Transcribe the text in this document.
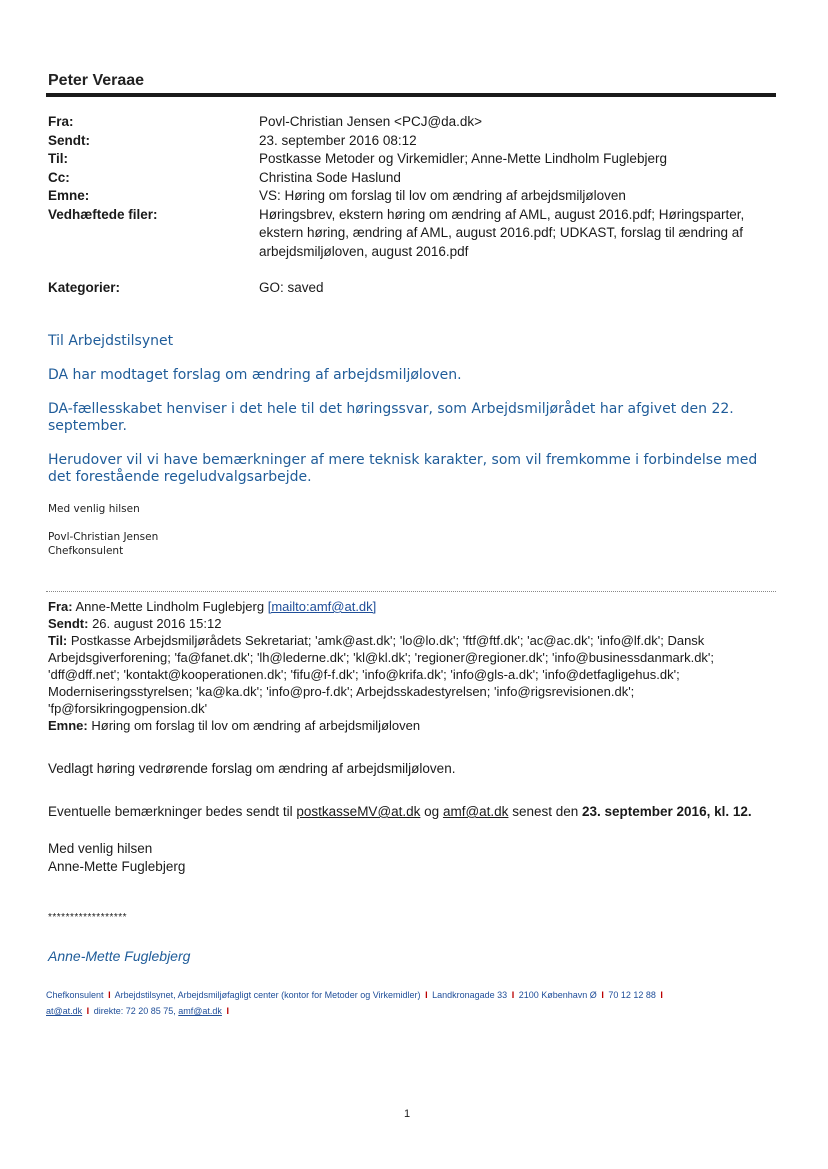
Peter Veraae
Fra:	Povl-Christian Jensen <PCJ@da.dk>
Sendt:	23. september 2016 08:12
Til:	Postkasse Metoder og Virkemidler; Anne-Mette Lindholm Fuglebjerg
Cc:	Christina Sode Haslund
Emne:	VS: Høring om forslag til lov om ændring af arbejdsmiljøloven
Vedhæftede filer:	Høringsbrev, ekstern høring om ændring af AML, august 2016.pdf; Høringsparter, ekstern høring, ændring af AML, august 2016.pdf; UDKAST, forslag til ændring af arbejdsmiljøloven, august 2016.pdf
Kategorier:	GO: saved
Til Arbejdstilsynet
DA har modtaget forslag om ændring af arbejdsmiljøloven.
DA-fællesskabet henviser i det hele til det høringssvar, som Arbejdsmiljørådet har afgivet den 22. september.
Herudover vil vi have bemærkninger af mere teknisk karakter, som vil fremkomme i forbindelse med det forestående regeludvalgsarbejde.
Med venlig hilsen
Povl-Christian Jensen
Chefkonsulent
Fra: Anne-Mette Lindholm Fuglebjerg [mailto:amf@at.dk]
Sendt: 26. august 2016 15:12
Til: Postkasse Arbejdsmiljørådets Sekretariat; 'amk@ast.dk'; 'lo@lo.dk'; 'ftf@ftf.dk'; 'ac@ac.dk'; 'info@lf.dk'; Dansk Arbejdsgiverforening; 'fa@fanet.dk'; 'lh@lederne.dk'; 'kl@kl.dk'; 'regioner@regioner.dk'; 'info@businessdanmark.dk'; 'dff@dff.net'; 'kontakt@kooperationen.dk'; 'fifu@f-f.dk'; 'info@krifa.dk'; 'info@gls-a.dk'; 'info@detfagligehus.dk'; Moderniseringsstyrelsen; 'ka@ka.dk'; 'info@pro-f.dk'; Arbejdsskadestyrelsen; 'info@rigsrevisionen.dk'; 'fp@forsikringogpension.dk'
Emne: Høring om forslag til lov om ændring af arbejdsmiljøloven
Vedlagt høring vedrørende forslag om ændring af arbejdsmiljøloven.
Eventuelle bemærkninger bedes sendt til postkasseMV@at.dk og amf@at.dk senest den 23. september 2016, kl. 12.
Med venlig hilsen
Anne-Mette Fuglebjerg
******************
Anne-Mette Fuglebjerg
Chefkonsulent I Arbejdstilsynet, Arbejdsmiljøfagligt center (kontor for Metoder og Virkemidler) I Landkronagade 33 I 2100 København Ø I 70 12 12 88 I
at@at.dk I direkte: 72 20 85 75, amf@at.dk I
1
